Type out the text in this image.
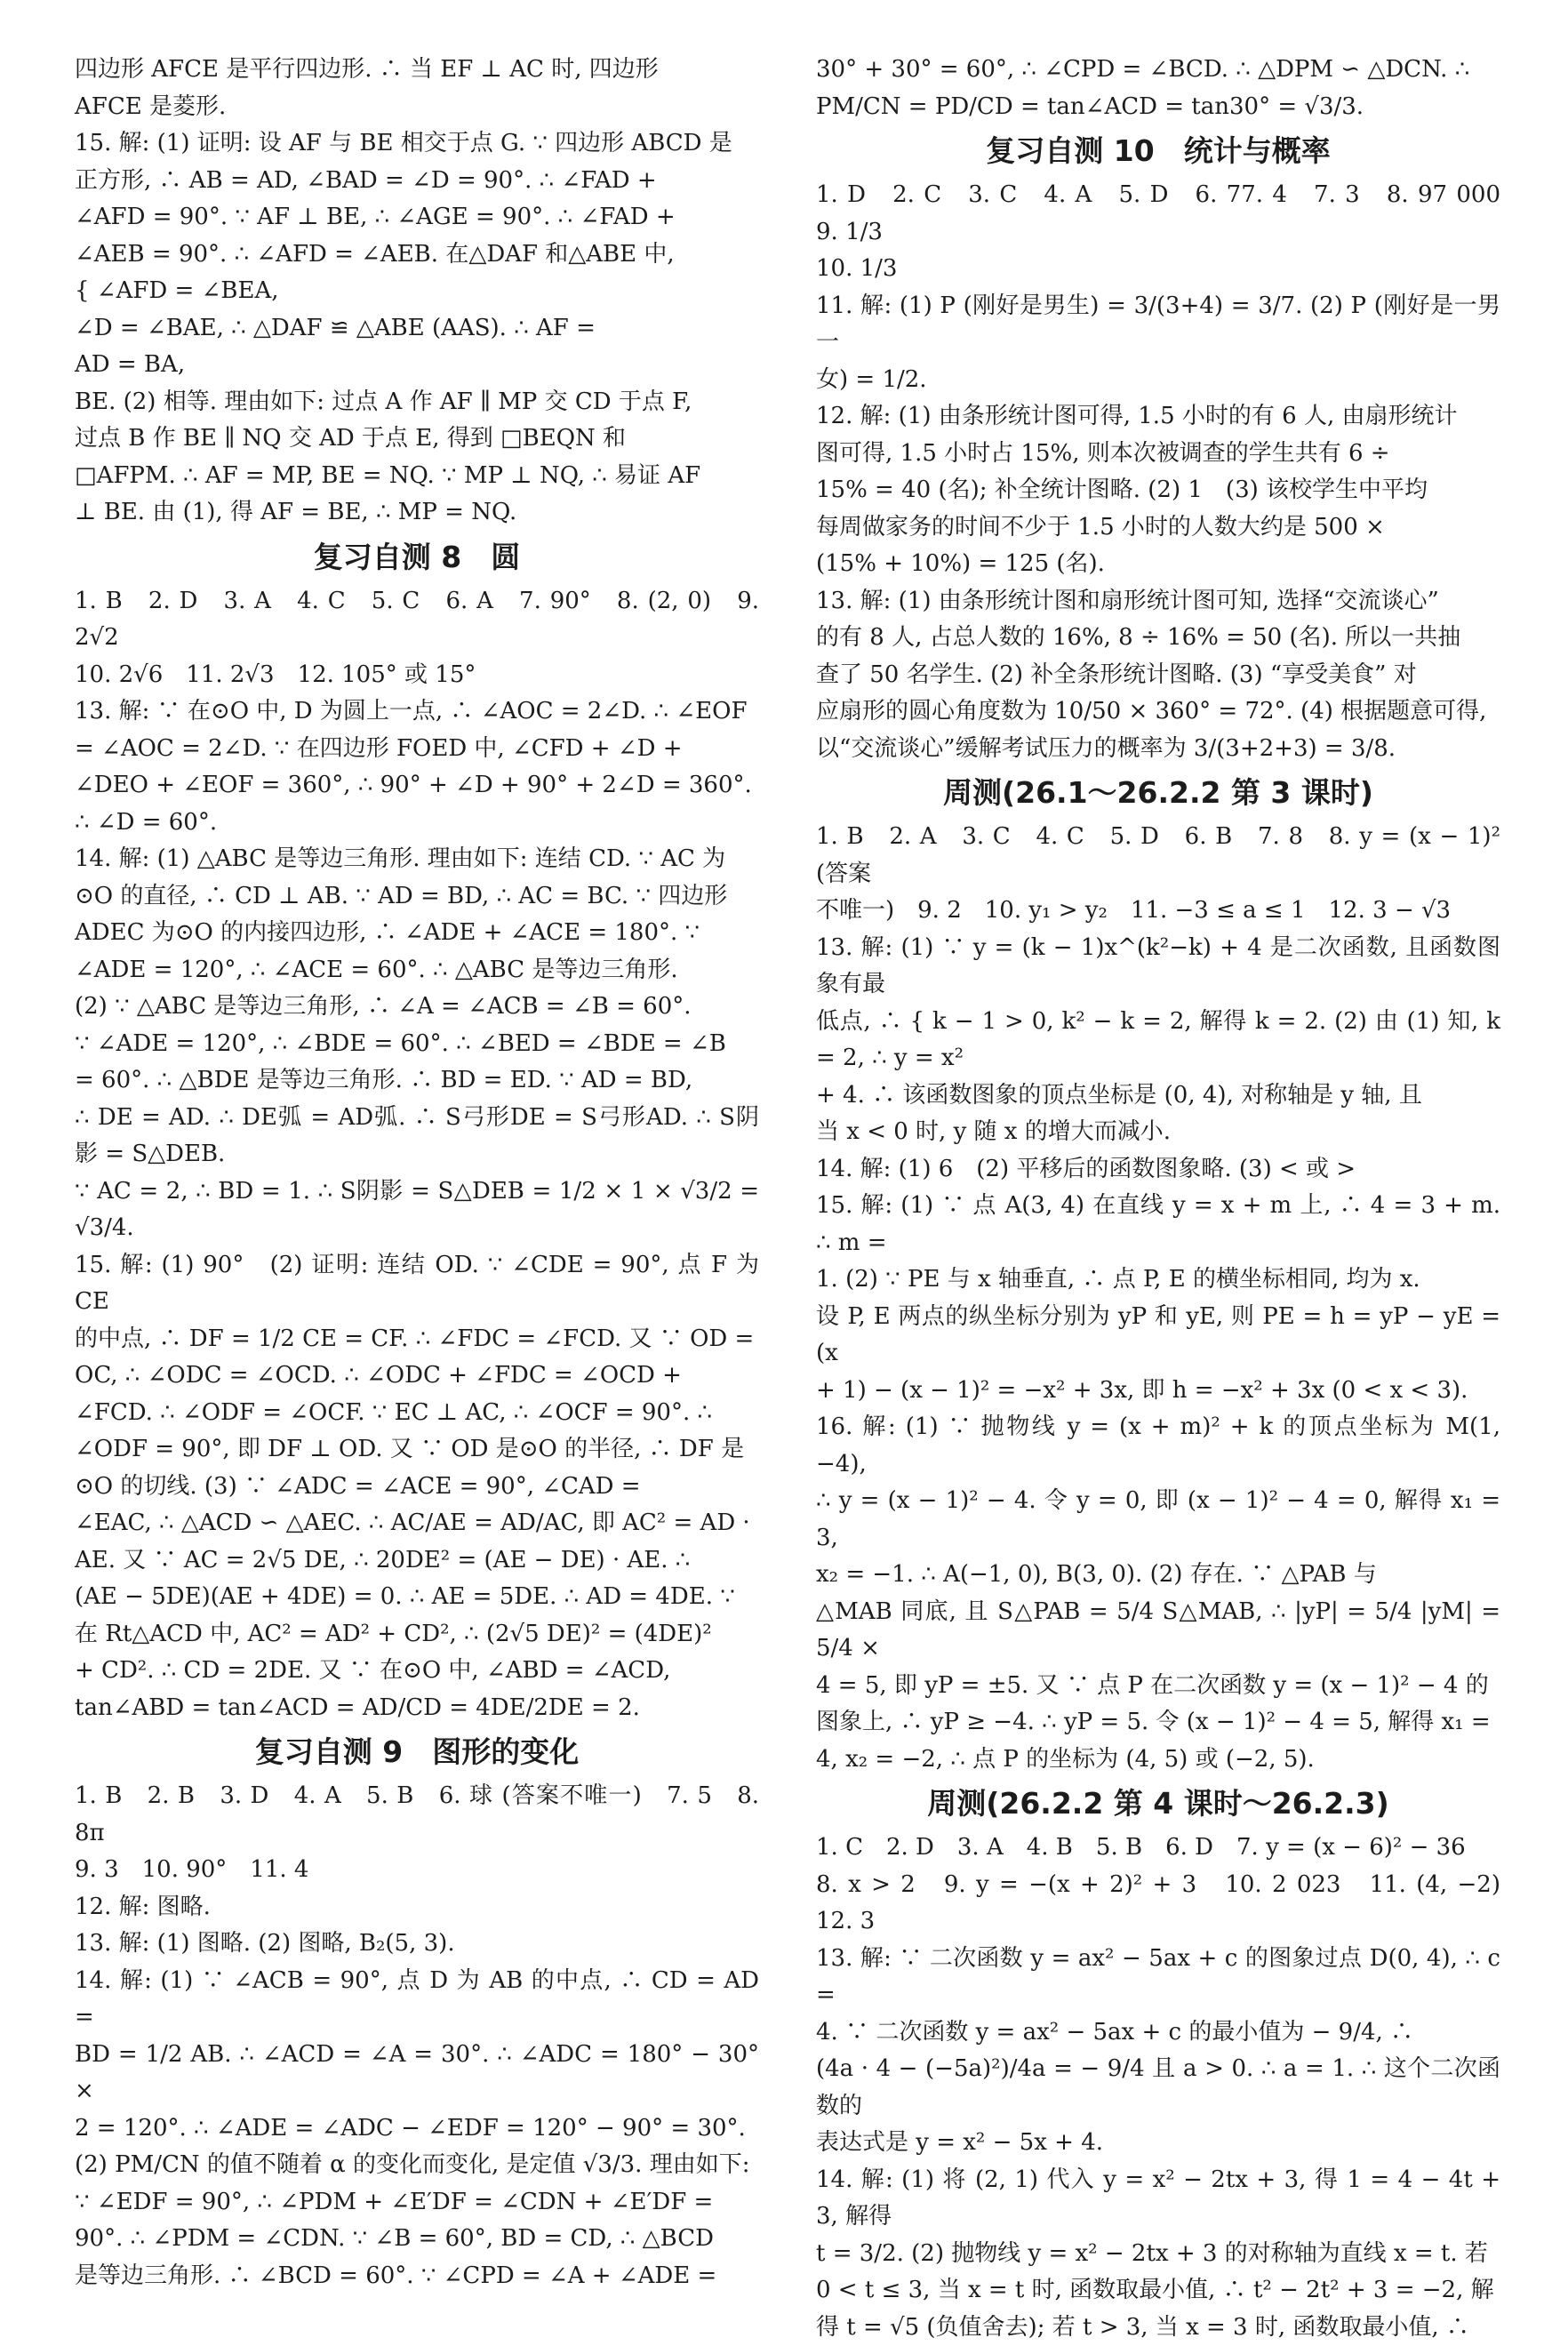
四边形 AFCE 是平行四边形. ∴ 当 EF ⊥ AC 时, 四边形

AFCE 是菱形.

15. 解: (1) 证明: 设 AF 与 BE 相交于点 G. ∵ 四边形 ABCD 是

正方形, ∴ AB = AD, ∠BAD = ∠D = 90°. ∴ ∠FAD +

∠AFD = 90°. ∵ AF ⊥ BE, ∴ ∠AGE = 90°. ∴ ∠FAD +

∠AEB = 90°. ∴ ∠AFD = ∠AEB. 在△DAF 和△ABE 中,

{ ∠AFD = ∠BEA,

∠D = ∠BAE, ∴ △DAF ≌ △ABE (AAS). ∴ AF =

AD = BA,

BE. (2) 相等. 理由如下: 过点 A 作 AF ∥ MP 交 CD 于点 F,

过点 B 作 BE ∥ NQ 交 AD 于点 E, 得到 □BEQN 和

□AFPM. ∴ AF = MP, BE = NQ. ∵ MP ⊥ NQ, ∴ 易证 AF

⊥ BE. 由 (1), 得 AF = BE, ∴ MP = NQ.

复习自测 8　圆

1. B　2. D　3. A　4. C　5. C　6. A　7. 90°　8. (2, 0)　9. 2√2

10. 2√6　11. 2√3　12. 105° 或 15°

13. 解: ∵ 在⊙O 中, D 为圆上一点, ∴ ∠AOC = 2∠D. ∴ ∠EOF

= ∠AOC = 2∠D. ∵ 在四边形 FOED 中, ∠CFD + ∠D +

∠DEO + ∠EOF = 360°, ∴ 90° + ∠D + 90° + 2∠D = 360°.

∴ ∠D = 60°.

14. 解: (1) △ABC 是等边三角形. 理由如下: 连结 CD. ∵ AC 为

⊙O 的直径, ∴ CD ⊥ AB. ∵ AD = BD, ∴ AC = BC. ∵ 四边形

ADEC 为⊙O 的内接四边形, ∴ ∠ADE + ∠ACE = 180°. ∵

∠ADE = 120°, ∴ ∠ACE = 60°. ∴ △ABC 是等边三角形.

(2) ∵ △ABC 是等边三角形, ∴ ∠A = ∠ACB = ∠B = 60°.

∵ ∠ADE = 120°, ∴ ∠BDE = 60°. ∴ ∠BED = ∠BDE = ∠B

= 60°. ∴ △BDE 是等边三角形. ∴ BD = ED. ∵ AD = BD,

∴ DE = AD. ∴ DE弧 = AD弧. ∴ S弓形DE = S弓形AD. ∴ S阴影 = S△DEB.

∵ AC = 2, ∴ BD = 1. ∴ S阴影 = S△DEB = 1/2 × 1 × √3/2 = √3/4.

15. 解: (1) 90°　(2) 证明: 连结 OD. ∵ ∠CDE = 90°, 点 F 为 CE

的中点, ∴ DF = 1/2 CE = CF. ∴ ∠FDC = ∠FCD. 又 ∵ OD =

OC, ∴ ∠ODC = ∠OCD. ∴ ∠ODC + ∠FDC = ∠OCD +

∠FCD. ∴ ∠ODF = ∠OCF. ∵ EC ⊥ AC, ∴ ∠OCF = 90°. ∴

∠ODF = 90°, 即 DF ⊥ OD. 又 ∵ OD 是⊙O 的半径, ∴ DF 是

⊙O 的切线. (3) ∵ ∠ADC = ∠ACE = 90°, ∠CAD =

∠EAC, ∴ △ACD ∽ △AEC. ∴ AC/AE = AD/AC, 即 AC² = AD ·

AE. 又 ∵ AC = 2√5 DE, ∴ 20DE² = (AE − DE) · AE. ∴

(AE − 5DE)(AE + 4DE) = 0. ∴ AE = 5DE. ∴ AD = 4DE. ∵

在 Rt△ACD 中, AC² = AD² + CD², ∴ (2√5 DE)² = (4DE)²

+ CD². ∴ CD = 2DE. 又 ∵ 在⊙O 中, ∠ABD = ∠ACD,

tan∠ABD = tan∠ACD = AD/CD = 4DE/2DE = 2.

复习自测 9　图形的变化

1. B　2. B　3. D　4. A　5. B　6. 球 (答案不唯一)　7. 5　8. 8π

9. 3　10. 90°　11. 4

12. 解: 图略.

13. 解: (1) 图略. (2) 图略, B₂(5, 3).

14. 解: (1) ∵ ∠ACB = 90°, 点 D 为 AB 的中点, ∴ CD = AD =

BD = 1/2 AB. ∴ ∠ACD = ∠A = 30°. ∴ ∠ADC = 180° − 30° ×

2 = 120°. ∴ ∠ADE = ∠ADC − ∠EDF = 120° − 90° = 30°.

(2) PM/CN 的值不随着 α 的变化而变化, 是定值 √3/3. 理由如下:

∵ ∠EDF = 90°, ∴ ∠PDM + ∠E′DF = ∠CDN + ∠E′DF =

90°. ∴ ∠PDM = ∠CDN. ∵ ∠B = 60°, BD = CD, ∴ △BCD

是等边三角形. ∴ ∠BCD = 60°. ∵ ∠CPD = ∠A + ∠ADE =

30° + 30° = 60°, ∴ ∠CPD = ∠BCD. ∴ △DPM ∽ △DCN. ∴

PM/CN = PD/CD = tan∠ACD = tan30° = √3/3.

复习自测 10　统计与概率

1. D　2. C　3. C　4. A　5. D　6. 77. 4　7. 3　8. 97 000　9. 1/3

10. 1/3

11. 解: (1) P (刚好是男生) = 3/(3+4) = 3/7. (2) P (刚好是一男一

女) = 1/2.

12. 解: (1) 由条形统计图可得, 1.5 小时的有 6 人, 由扇形统计

图可得, 1.5 小时占 15%, 则本次被调查的学生共有 6 ÷

15% = 40 (名); 补全统计图略. (2) 1　(3) 该校学生中平均

每周做家务的时间不少于 1.5 小时的人数大约是 500 ×

(15% + 10%) = 125 (名).

13. 解: (1) 由条形统计图和扇形统计图可知, 选择“交流谈心”

的有 8 人, 占总人数的 16%, 8 ÷ 16% = 50 (名). 所以一共抽

查了 50 名学生. (2) 补全条形统计图略. (3) “享受美食” 对

应扇形的圆心角度数为 10/50 × 360° = 72°. (4) 根据题意可得,

以“交流谈心”缓解考试压力的概率为 3/(3+2+3) = 3/8.

周测(26.1～26.2.2 第 3 课时)

1. B　2. A　3. C　4. C　5. D　6. B　7. 8　8. y = (x − 1)² (答案

不唯一)　9. 2　10. y₁ > y₂　11. −3 ≤ a ≤ 1　12. 3 − √3

13. 解: (1) ∵ y = (k − 1)x^(k²−k) + 4 是二次函数, 且函数图象有最

低点, ∴ { k − 1 > 0, k² − k = 2, 解得 k = 2. (2) 由 (1) 知, k = 2, ∴ y = x²

+ 4. ∴ 该函数图象的顶点坐标是 (0, 4), 对称轴是 y 轴, 且

当 x < 0 时, y 随 x 的增大而减小.

14. 解: (1) 6　(2) 平移后的函数图象略. (3) < 或 >

15. 解: (1) ∵ 点 A(3, 4) 在直线 y = x + m 上, ∴ 4 = 3 + m. ∴ m =

1. (2) ∵ PE 与 x 轴垂直, ∴ 点 P, E 的横坐标相同, 均为 x.

设 P, E 两点的纵坐标分别为 yP 和 yE, 则 PE = h = yP − yE = (x

+ 1) − (x − 1)² = −x² + 3x, 即 h = −x² + 3x (0 < x < 3).

16. 解: (1) ∵ 抛物线 y = (x + m)² + k 的顶点坐标为 M(1, −4),

∴ y = (x − 1)² − 4. 令 y = 0, 即 (x − 1)² − 4 = 0, 解得 x₁ = 3,

x₂ = −1. ∴ A(−1, 0), B(3, 0). (2) 存在. ∵ △PAB 与

△MAB 同底, 且 S△PAB = 5/4 S△MAB, ∴ |yP| = 5/4 |yM| = 5/4 ×

4 = 5, 即 yP = ±5. 又 ∵ 点 P 在二次函数 y = (x − 1)² − 4 的

图象上, ∴ yP ≥ −4. ∴ yP = 5. 令 (x − 1)² − 4 = 5, 解得 x₁ =

4, x₂ = −2, ∴ 点 P 的坐标为 (4, 5) 或 (−2, 5).

周测(26.2.2 第 4 课时～26.2.3)

1. C　2. D　3. A　4. B　5. B　6. D　7. y = (x − 6)² − 36

8. x > 2　9. y = −(x + 2)² + 3　10. 2 023　11. (4, −2)　12. 3

13. 解: ∵ 二次函数 y = ax² − 5ax + c 的图象过点 D(0, 4), ∴ c =

4. ∵ 二次函数 y = ax² − 5ax + c 的最小值为 − 9/4, ∴

(4a · 4 − (−5a)²)/4a = − 9/4 且 a > 0. ∴ a = 1. ∴ 这个二次函数的

表达式是 y = x² − 5x + 4.

14. 解: (1) 将 (2, 1) 代入 y = x² − 2tx + 3, 得 1 = 4 − 4t + 3, 解得

t = 3/2. (2) 抛物线 y = x² − 2tx + 3 的对称轴为直线 x = t. 若

0 < t ≤ 3, 当 x = t 时, 函数取最小值, ∴ t² − 2t² + 3 = −2, 解

得 t = √5 (负值舍去); 若 t > 3, 当 x = 3 时, 函数取最小值, ∴
